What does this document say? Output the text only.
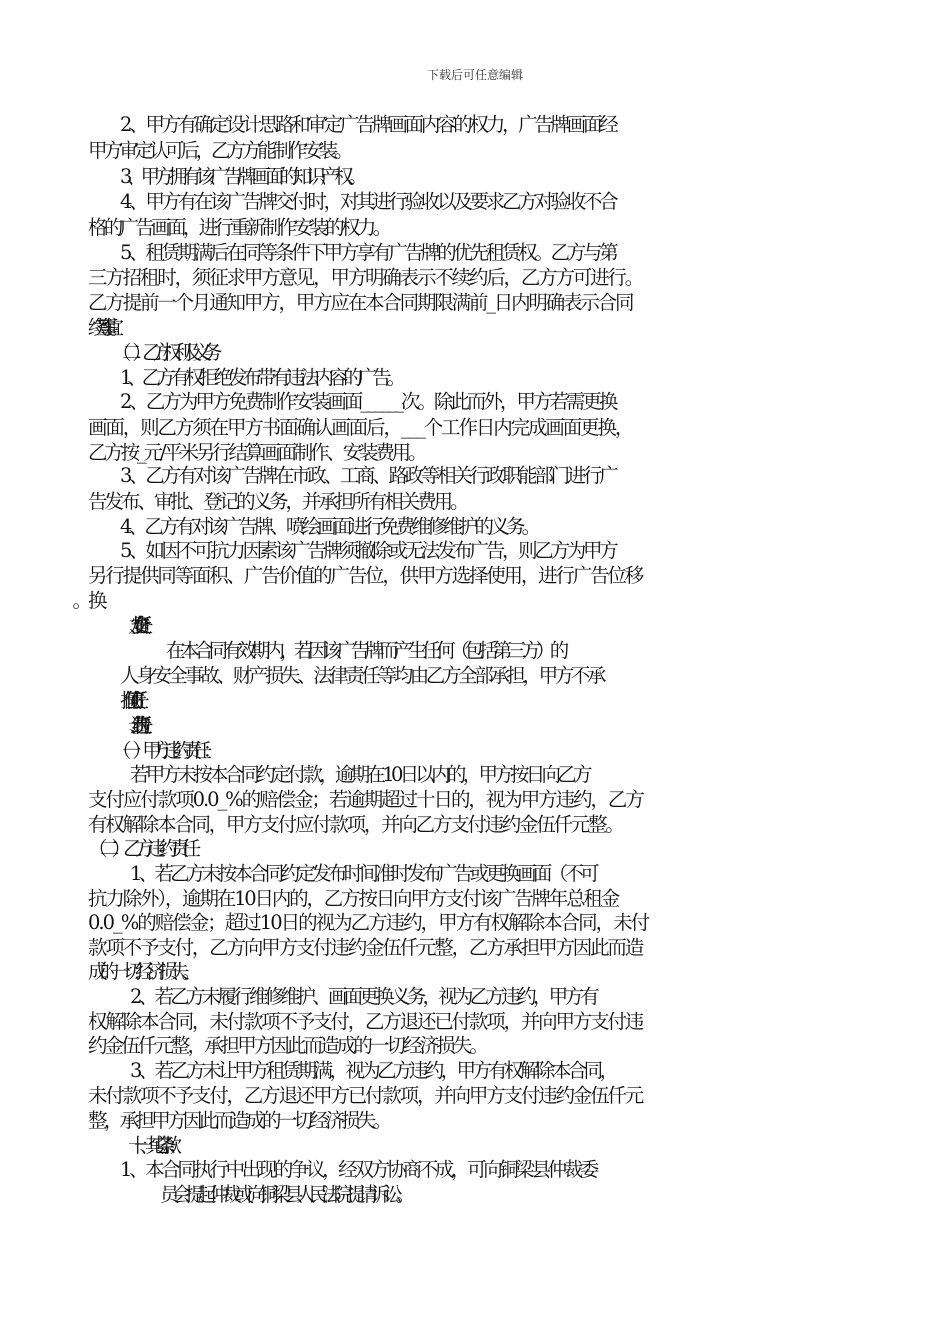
下载后可任意编辑
2、甲方有确定设计思路和审定广告牌画面内容的权力，广告牌画面经
甲方审定认可后，乙方方能制作安装。
3、甲方拥有该广告牌画面的知识产权。
4、甲方有在该广告牌交付时，对其进行验收以及要求乙方对验收不合
格的广告画面，进行重新制作安装的权力。
5、租赁期满后在同等条件下甲方享有广告牌的优先租赁权。乙方与第
三方招租时，须征求甲方意见，甲方明确表示不续约后，乙方方可进行。
乙方提前一个月通知甲方，甲方应在本合同期限满前_日内明确表示合同
续签事宜。
（二）乙方权利及义务
1、乙方有权拒绝发布带有违法内容的广告。
2、乙方为甲方免费制作安装画面______次。除此而外，甲方若需更换
画面，则乙方须在甲方书面确认画面后，___个工作日内完成画面更换，
乙方按_元/平米另行结算画面制作、安装费用。
3、乙方有对该广告牌在市政、工商、路政等相关行政职能部门进行广
告发布、审批、登记的义务，并承担所有相关费用。
4、乙方有对该广告牌、喷绘画面进行免费维修维护的义务。
5、如因不可抗力因素该广告牌须撤除或无法发布广告，则乙方为甲方
另行提供同等面积、广告价值的广告位，供甲方选择使用，进行广告位移
九、安全责任
在本合同有效期内，若因该广告牌而产生任何（包括第三方）的
人身安全事故、财产损失、法律责任等均由乙方全部承担，甲方不承
担任何责任。
十、违约责任
（一）甲方违约责任：
若甲方未按本合同约定付款，逾期在10日以内的，甲方按日向乙方
支付应付款项0.0_%的赔偿金；若逾期超过十日的，视为甲方违约，乙方
有权解除本合同，甲方支付应付款项，并向乙方支付违约金伍仟元整。
（二）乙方违约责任
1、若乙方未按本合同约定发布时间准时发布广告或更换画面（不可
抗力除外），逾期在10日内的，乙方按日向甲方支付该广告牌年总租金
0.0_%的赔偿金；超过10日的视为乙方违约，甲方有权解除本合同，未付
款项不予支付，乙方向甲方支付违约金伍仟元整，乙方承担甲方因此而造
成的一切经济损失。
2、若乙方未履行维修维护、画面更换义务，视为乙方违约，甲方有
权解除本合同，未付款项不予支付，乙方退还已付款项，并向甲方支付违
约金伍仟元整，承担甲方因此而造成的一切经济损失。
3、若乙方未让甲方租赁期满，视为乙方违约，甲方有权解除本合同，
未付款项不予支付，乙方退还甲方已付款项，并向甲方支付违约金伍仟元
整，承担甲方因此而造成的一切经济损失。
十一、其它条款：
1、本合同执行中出现的争议，经双方协商不成，可向铜梁县仲裁委
员会提起仲裁或向铜梁县人民法院提请诉讼。
